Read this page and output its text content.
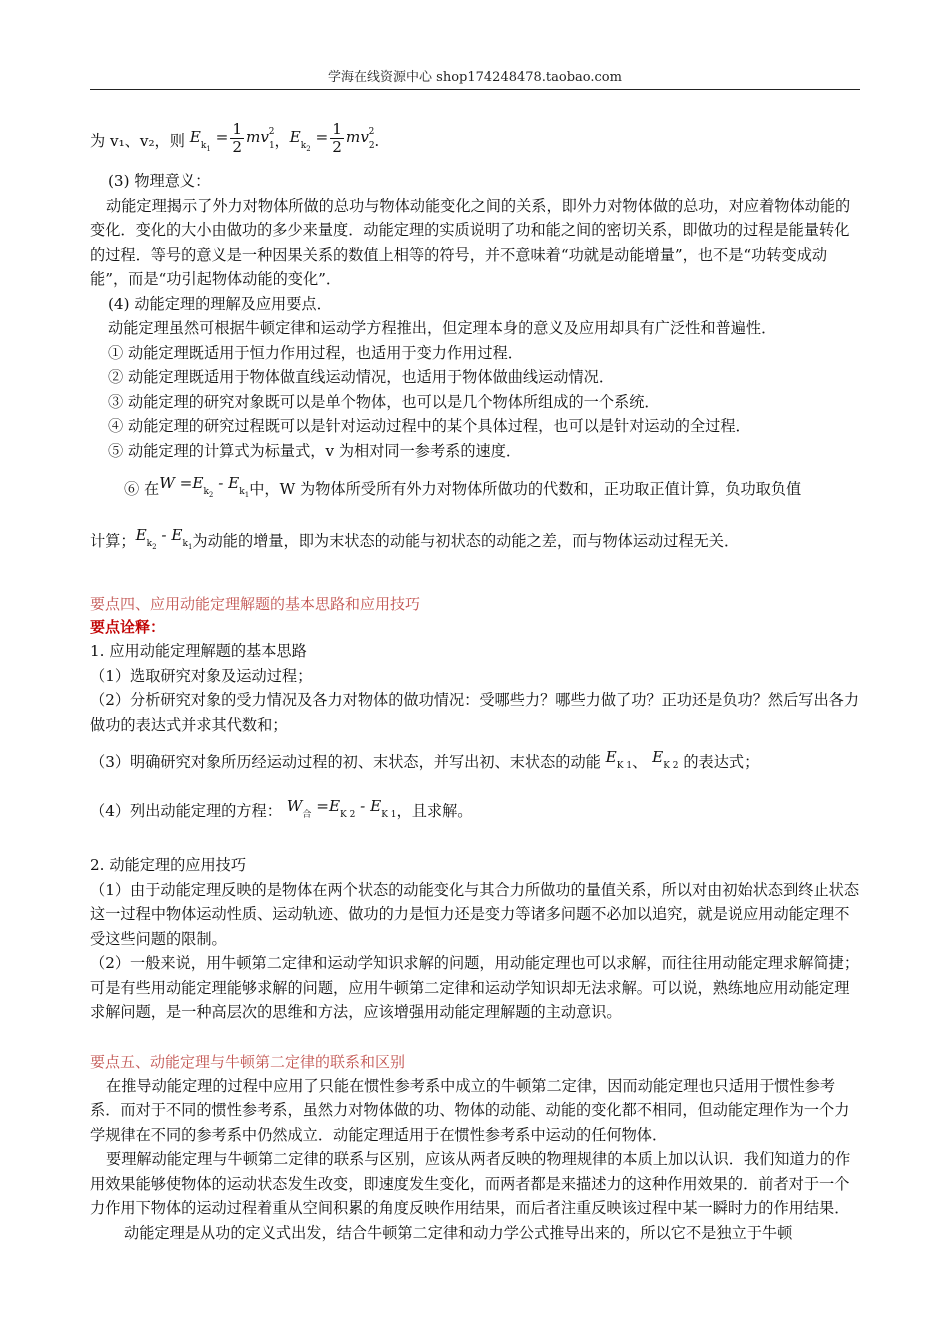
学海在线资源中心 shop174248478.taobao.com

为 v₁、v₂，则 $E_{k_1} = \frac{1}{2} mv_1^2$ ， $E_{k_2} = \frac{1}{2} mv_2^2$ .

(3) 物理意义：

动能定理揭示了外力对物体所做的总功与物体动能变化之间的关系，即外力对物体做的总功，对应着物体动能的变化．变化的大小由做功的多少来量度．动能定理的实质说明了功和能之间的密切关系，即做功的过程是能量转化的过程．等号的意义是一种因果关系的数值上相等的符号，并不意味着“功就是动能增量”，也不是“功转变成动能”，而是“功引起物体动能的变化”．

(4) 动能定理的理解及应用要点．

动能定理虽然可根据牛顿定律和运动学方程推出，但定理本身的意义及应用却具有广泛性和普遍性．

① 动能定理既适用于恒力作用过程，也适用于变力作用过程．

② 动能定理既适用于物体做直线运动情况，也适用于物体做曲线运动情况．

③ 动能定理的研究对象既可以是单个物体，也可以是几个物体所组成的一个系统．

④ 动能定理的研究过程既可以是针对运动过程中的某个具体过程，也可以是针对运动的全过程．

⑤ 动能定理的计算式为标量式，v 为相对同一参考系的速度．

⑥ 在 $W =E_{k_2} - E_{k_1}$ 中，W 为物体所受所有外力对物体所做功的代数和，正功取正值计算，负功取负值

计算； $E_{k_2} - E_{k_1}$ 为动能的增量，即为末状态的动能与初状态的动能之差，而与物体运动过程无关．

要点四、应用动能定理解题的基本思路和应用技巧

要点诠释：

1. 应用动能定理解题的基本思路

（1）选取研究对象及运动过程；

（2）分析研究对象的受力情况及各力对物体的做功情况：受哪些力？哪些力做了功？正功还是负功？然后写出各力做功的表达式并求其代数和；

（3）明确研究对象所历经运动过程的初、末状态，并写出初、末状态的动能 $E_{K 1}$ 、 $E_{K 2}$ 的表达式；

（4）列出动能定理的方程： $W_合 =E_{K 2} - E_{K 1}$ ，且求解。

2. 动能定理的应用技巧

（1）由于动能定理反映的是物体在两个状态的动能变化与其合力所做功的量值关系，所以对由初始状态到终止状态这一过程中物体运动性质、运动轨迹、做功的力是恒力还是变力等诸多问题不必加以追究，就是说应用动能定理不受这些问题的限制。

（2）一般来说，用牛顿第二定律和运动学知识求解的问题，用动能定理也可以求解，而往往用动能定理求解简捷；可是有些用动能定理能够求解的问题，应用牛顿第二定律和运动学知识却无法求解。可以说，熟练地应用动能定理求解问题，是一种高层次的思维和方法，应该增强用动能定理解题的主动意识。

要点五、动能定理与牛顿第二定律的联系和区别

在推导动能定理的过程中应用了只能在惯性参考系中成立的牛顿第二定律，因而动能定理也只适用于惯性参考系．而对于不同的惯性参考系，虽然力对物体做的功、物体的动能、动能的变化都不相同，但动能定理作为一个力学规律在不同的参考系中仍然成立．动能定理适用于在惯性参考系中运动的任何物体．

要理解动能定理与牛顿第二定律的联系与区别，应该从两者反映的物理规律的本质上加以认识．我们知道力的作用效果能够使物体的运动状态发生改变，即速度发生变化，而两者都是来描述力的这种作用效果的．前者对于一个力作用下物体的运动过程着重从空间积累的角度反映作用结果，而后者注重反映该过程中某一瞬时力的作用结果．

动能定理是从功的定义式出发，结合牛顿第二定律和动力学公式推导出来的，所以它不是独立于牛顿
